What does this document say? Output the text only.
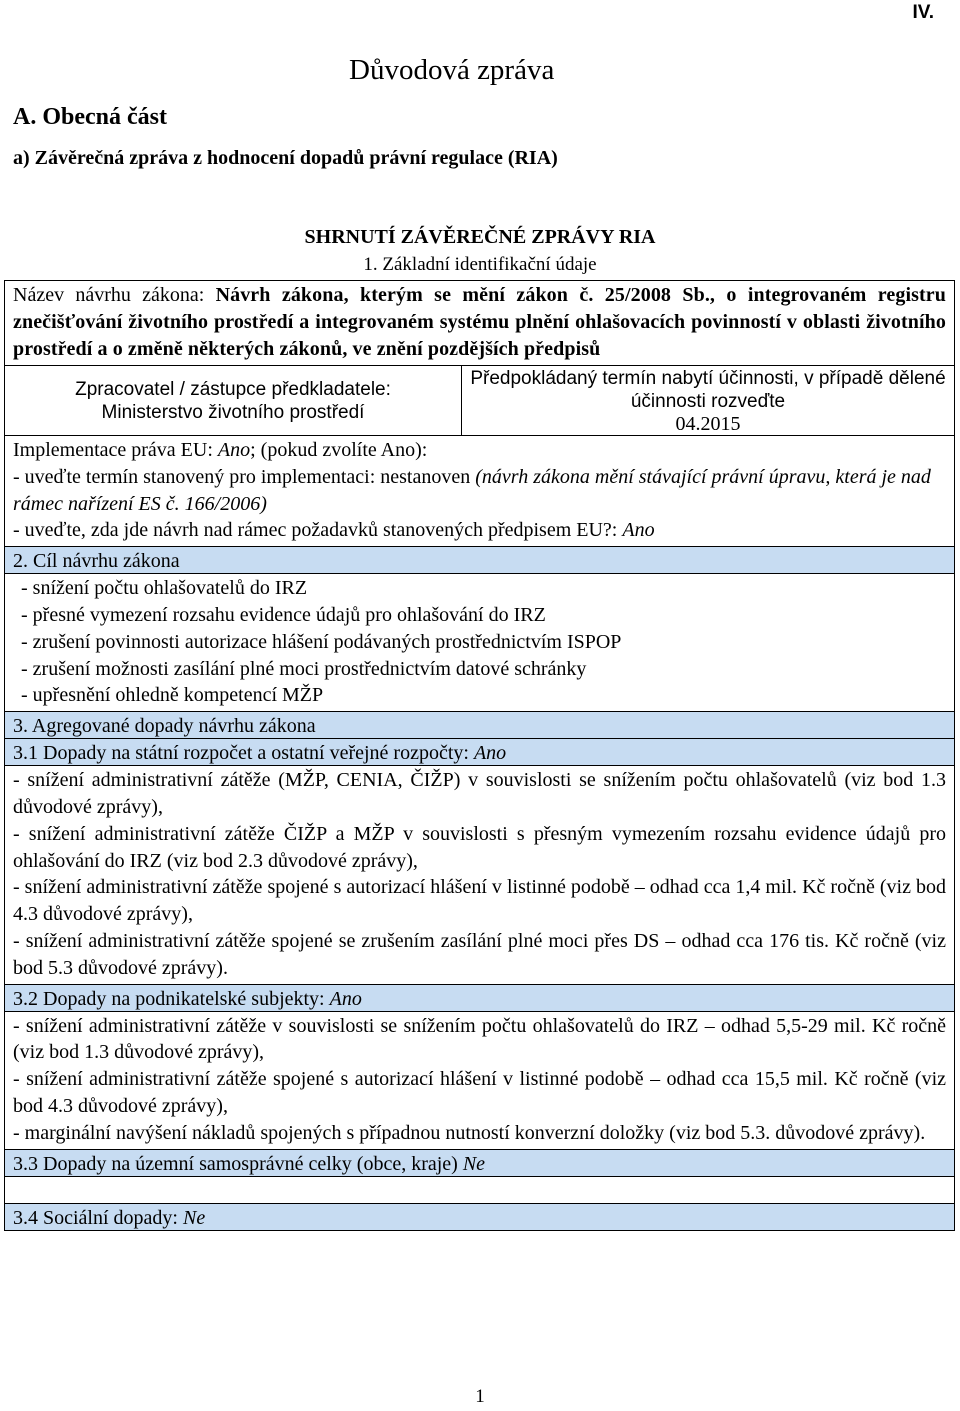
IV.
Důvodová zpráva
A. Obecná část
a) Závěrečná zpráva z hodnocení dopadů právní regulace (RIA)
SHRNUTÍ ZÁVĚREČNÉ ZPRÁVY RIA
1. Základní identifikační údaje
Název návrhu zákona: Návrh zákona, kterým se mění zákon č. 25/2008 Sb., o integrovaném registru znečišťování životního prostředí a integrovaném systému plnění ohlašovacích povinností v oblasti životního prostředí a o změně některých zákonů, ve znění pozdějších předpisů
Zpracovatel / zástupce předkladatele:
Ministerstvo životního prostředí
Předpokládaný termín nabytí účinnosti, v případě dělené účinnosti rozveďte
04.2015

Implementace práva EU: Ano; (pokud zvolíte Ano):

- uveďte termín stanovený pro implementaci: nestanoven (návrh zákona mění stávající právní úpravu, která je nad rámec nařízení ES č. 166/2006)

- uveďte, zda jde návrh nad rámec požadavků stanovených předpisem EU?: Ano

2. Cíl návrhu zákona

- snížení počtu ohlašovatelů do IRZ

- přesné vymezení rozsahu evidence údajů pro ohlašování do IRZ

- zrušení povinnosti autorizace hlášení podávaných prostřednictvím ISPOP

- zrušení možnosti zasílání plné moci prostřednictvím datové schránky

- upřesnění ohledně kompetencí MŽP

3. Agregované dopady návrhu zákona
3.1 Dopady na státní rozpočet a ostatní veřejné rozpočty: Ano

- snížení administrativní zátěže (MŽP, CENIA, ČIŽP) v souvislosti se snížením počtu ohlašovatelů (viz bod 1.3 důvodové zprávy),

- snížení administrativní zátěže ČIŽP a MŽP v souvislosti s přesným vymezením rozsahu evidence údajů pro ohlašování do IRZ (viz bod 2.3 důvodové zprávy),

- snížení administrativní zátěže spojené s autorizací hlášení v listinné podobě – odhad cca 1,4 mil. Kč ročně (viz bod 4.3 důvodové zprávy),

- snížení administrativní zátěže spojené se zrušením zasílání plné moci přes DS – odhad cca 176 tis. Kč ročně (viz bod 5.3 důvodové zprávy).

3.2 Dopady na podnikatelské subjekty: Ano

- snížení administrativní zátěže v souvislosti se snížením počtu ohlašovatelů do IRZ – odhad 5,5-29 mil. Kč ročně (viz bod 1.3 důvodové zprávy),

- snížení administrativní zátěže spojené s autorizací hlášení v listinné podobě – odhad cca 15,5 mil. Kč ročně (viz bod 4.3 důvodové zprávy),

- marginální navýšení nákladů spojených s případnou nutností konverzní doložky (viz bod 5.3. důvodové zprávy).

3.3 Dopady na územní samosprávné celky (obce, kraje) Ne
3.4 Sociální dopady: Ne
1
